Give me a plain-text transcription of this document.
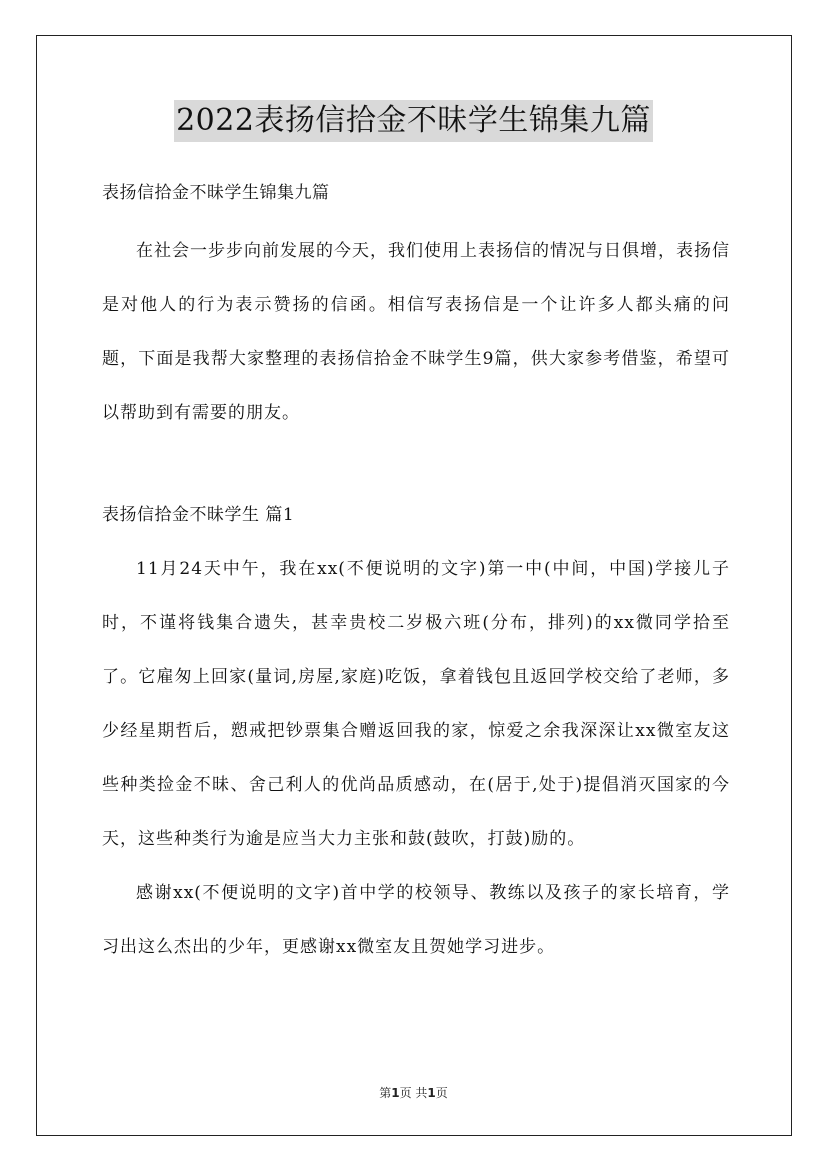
2022表扬信拾金不昧学生锦集九篇
表扬信拾金不昧学生锦集九篇

在社会一步步向前发展的今天，我们使用上表扬信的情况与日俱增，表扬信是对他人的行为表示赞扬的信函。相信写表扬信是一个让许多人都头痛的问题，下面是我帮大家整理的表扬信拾金不昧学生9篇，供大家参考借鉴，希望可以帮助到有需要的朋友。

表扬信拾金不昧学生 篇1

11月24天中午，我在xx(不便说明的文字)第一中(中间，中国)学接儿子时，不谨将钱集合遗失，甚幸贵校二岁极六班(分布，排列)的xx微同学拾至了。它雇匆上回家(量词,房屋,家庭)吃饭，拿着钱包且返回学校交给了老师，多少经星期哲后，愬戒把钞票集合赠返回我的家，惊爱之余我深深让xx微室友这些种类捡金不昧、舍己利人的优尚品质感动，在(居于,处于)提倡消灭国家的今天，这些种类行为逾是应当大力主张和鼓(鼓吹，打鼓)励的。

感谢xx(不便说明的文字)首中学的校领导、教练以及孩子的家长培育，学习出这么杰出的少年，更感谢xx微室友且贺她学习进步。

第1页 共1页
